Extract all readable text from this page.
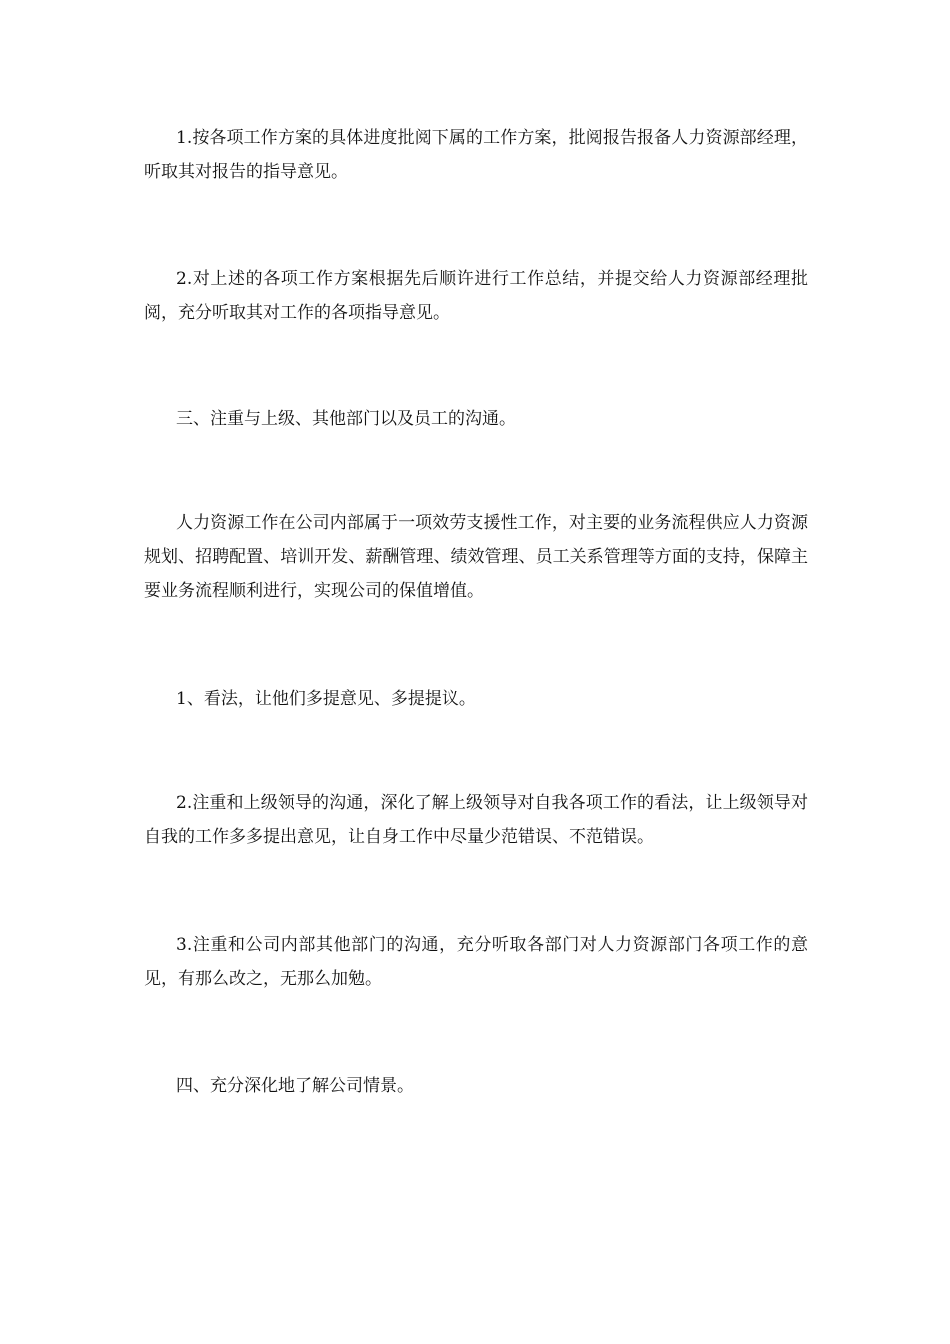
1.按各项工作方案的具体进度批阅下属的工作方案，批阅报告报备人力资源部经理，听取其对报告的指导意见。

2.对上述的各项工作方案根据先后顺许进行工作总结，并提交给人力资源部经理批阅，充分听取其对工作的各项指导意见。

三、注重与上级、其他部门以及员工的沟通。

人力资源工作在公司内部属于一项效劳支援性工作，对主要的业务流程供应人力资源规划、招聘配置、培训开发、薪酬管理、绩效管理、员工关系管理等方面的支持，保障主要业务流程顺利进行，实现公司的保值增值。

1、看法，让他们多提意见、多提提议。

2.注重和上级领导的沟通，深化了解上级领导对自我各项工作的看法，让上级领导对自我的工作多多提出意见，让自身工作中尽量少范错误、不范错误。

3.注重和公司内部其他部门的沟通，充分听取各部门对人力资源部门各项工作的意见，有那么改之，无那么加勉。

四、充分深化地了解公司情景。
